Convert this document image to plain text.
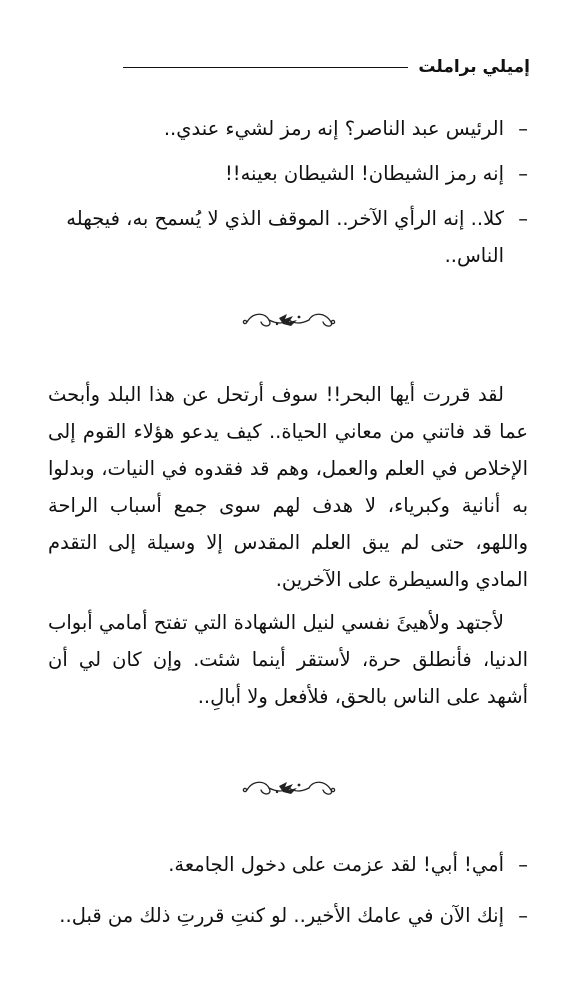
إميلي براملت
–
الرئيس عبد الناصر؟ إنه رمز لشيء عندي..
–
إنه رمز الشيطان! الشيطان بعينه!!
–
كلا.. إنه الرأي الآخر.. الموقف الذي لا يُسمح به، فيجهله الناس..

لقد قررت أيها البحر!! سوف أرتحل عن هذا البلد وأبحث عما قد فاتني من معاني الحياة.. كيف يدعو هؤلاء القوم إلى الإخلاص في العلم والعمل، وهم قد فقدوه في النيات، وبدلوا به أنانية وكبرياء، لا هدف لهم سوى جمع أسباب الراحة واللهو، حتى لم يبق العلم المقدس إلا وسيلة إلى التقدم المادي والسيطرة على الآخرين.

لأجتهد ولأهيئَ نفسي لنيل الشهادة التي تفتح أمامي أبواب الدنيا، فأنطلق حرة، لأستقر أينما شئت. وإن كان لي أن أشهد على الناس بالحق، فلأفعل ولا أبالِ..

–
أمي! أبي! لقد عزمت على دخول الجامعة.
–
إنك الآن في عامك الأخير.. لو كنتِ قررتِ ذلك من قبل..
